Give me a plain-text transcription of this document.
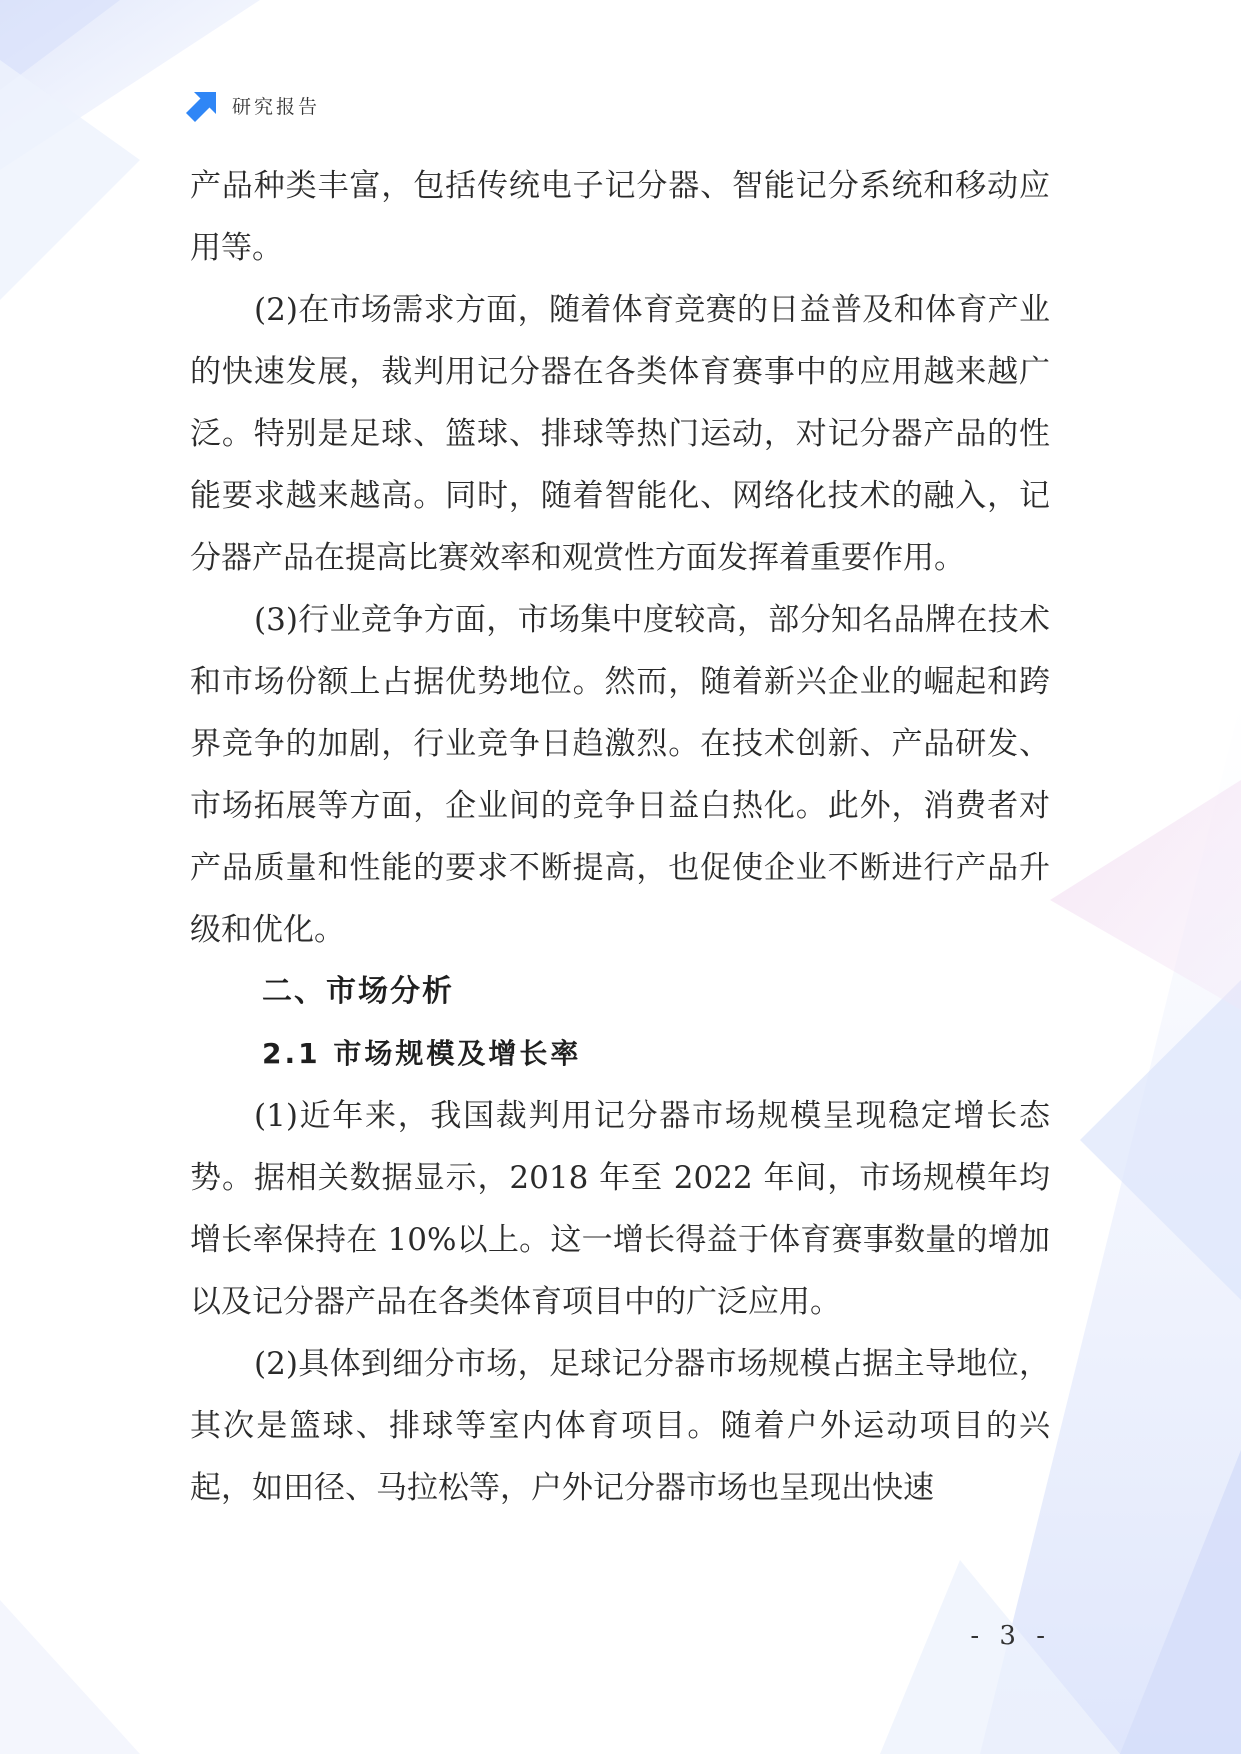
研究报告

产品种类丰富，包括传统电子记分器、智能记分系统和移动应用等。

(2)在市场需求方面，随着体育竞赛的日益普及和体育产业的快速发展，裁判用记分器在各类体育赛事中的应用越来越广泛。特别是足球、篮球、排球等热门运动，对记分器产品的性能要求越来越高。同时，随着智能化、网络化技术的融入，记分器产品在提高比赛效率和观赏性方面发挥着重要作用。

(3)行业竞争方面，市场集中度较高，部分知名品牌在技术和市场份额上占据优势地位。然而，随着新兴企业的崛起和跨界竞争的加剧，行业竞争日趋激烈。在技术创新、产品研发、市场拓展等方面，企业间的竞争日益白热化。此外，消费者对产品质量和性能的要求不断提高，也促使企业不断进行产品升级和优化。

二、市场分析
2.1 市场规模及增长率

(1)近年来，我国裁判用记分器市场规模呈现稳定增长态势。据相关数据显示，2018 年至 2022 年间，市场规模年均增长率保持在 10%以上。这一增长得益于体育赛事数量的增加以及记分器产品在各类体育项目中的广泛应用。

(2)具体到细分市场，足球记分器市场规模占据主导地位，其次是篮球、排球等室内体育项目。随着户外运动项目的兴起，如田径、马拉松等，户外记分器市场也呈现出快速

- 3 -
